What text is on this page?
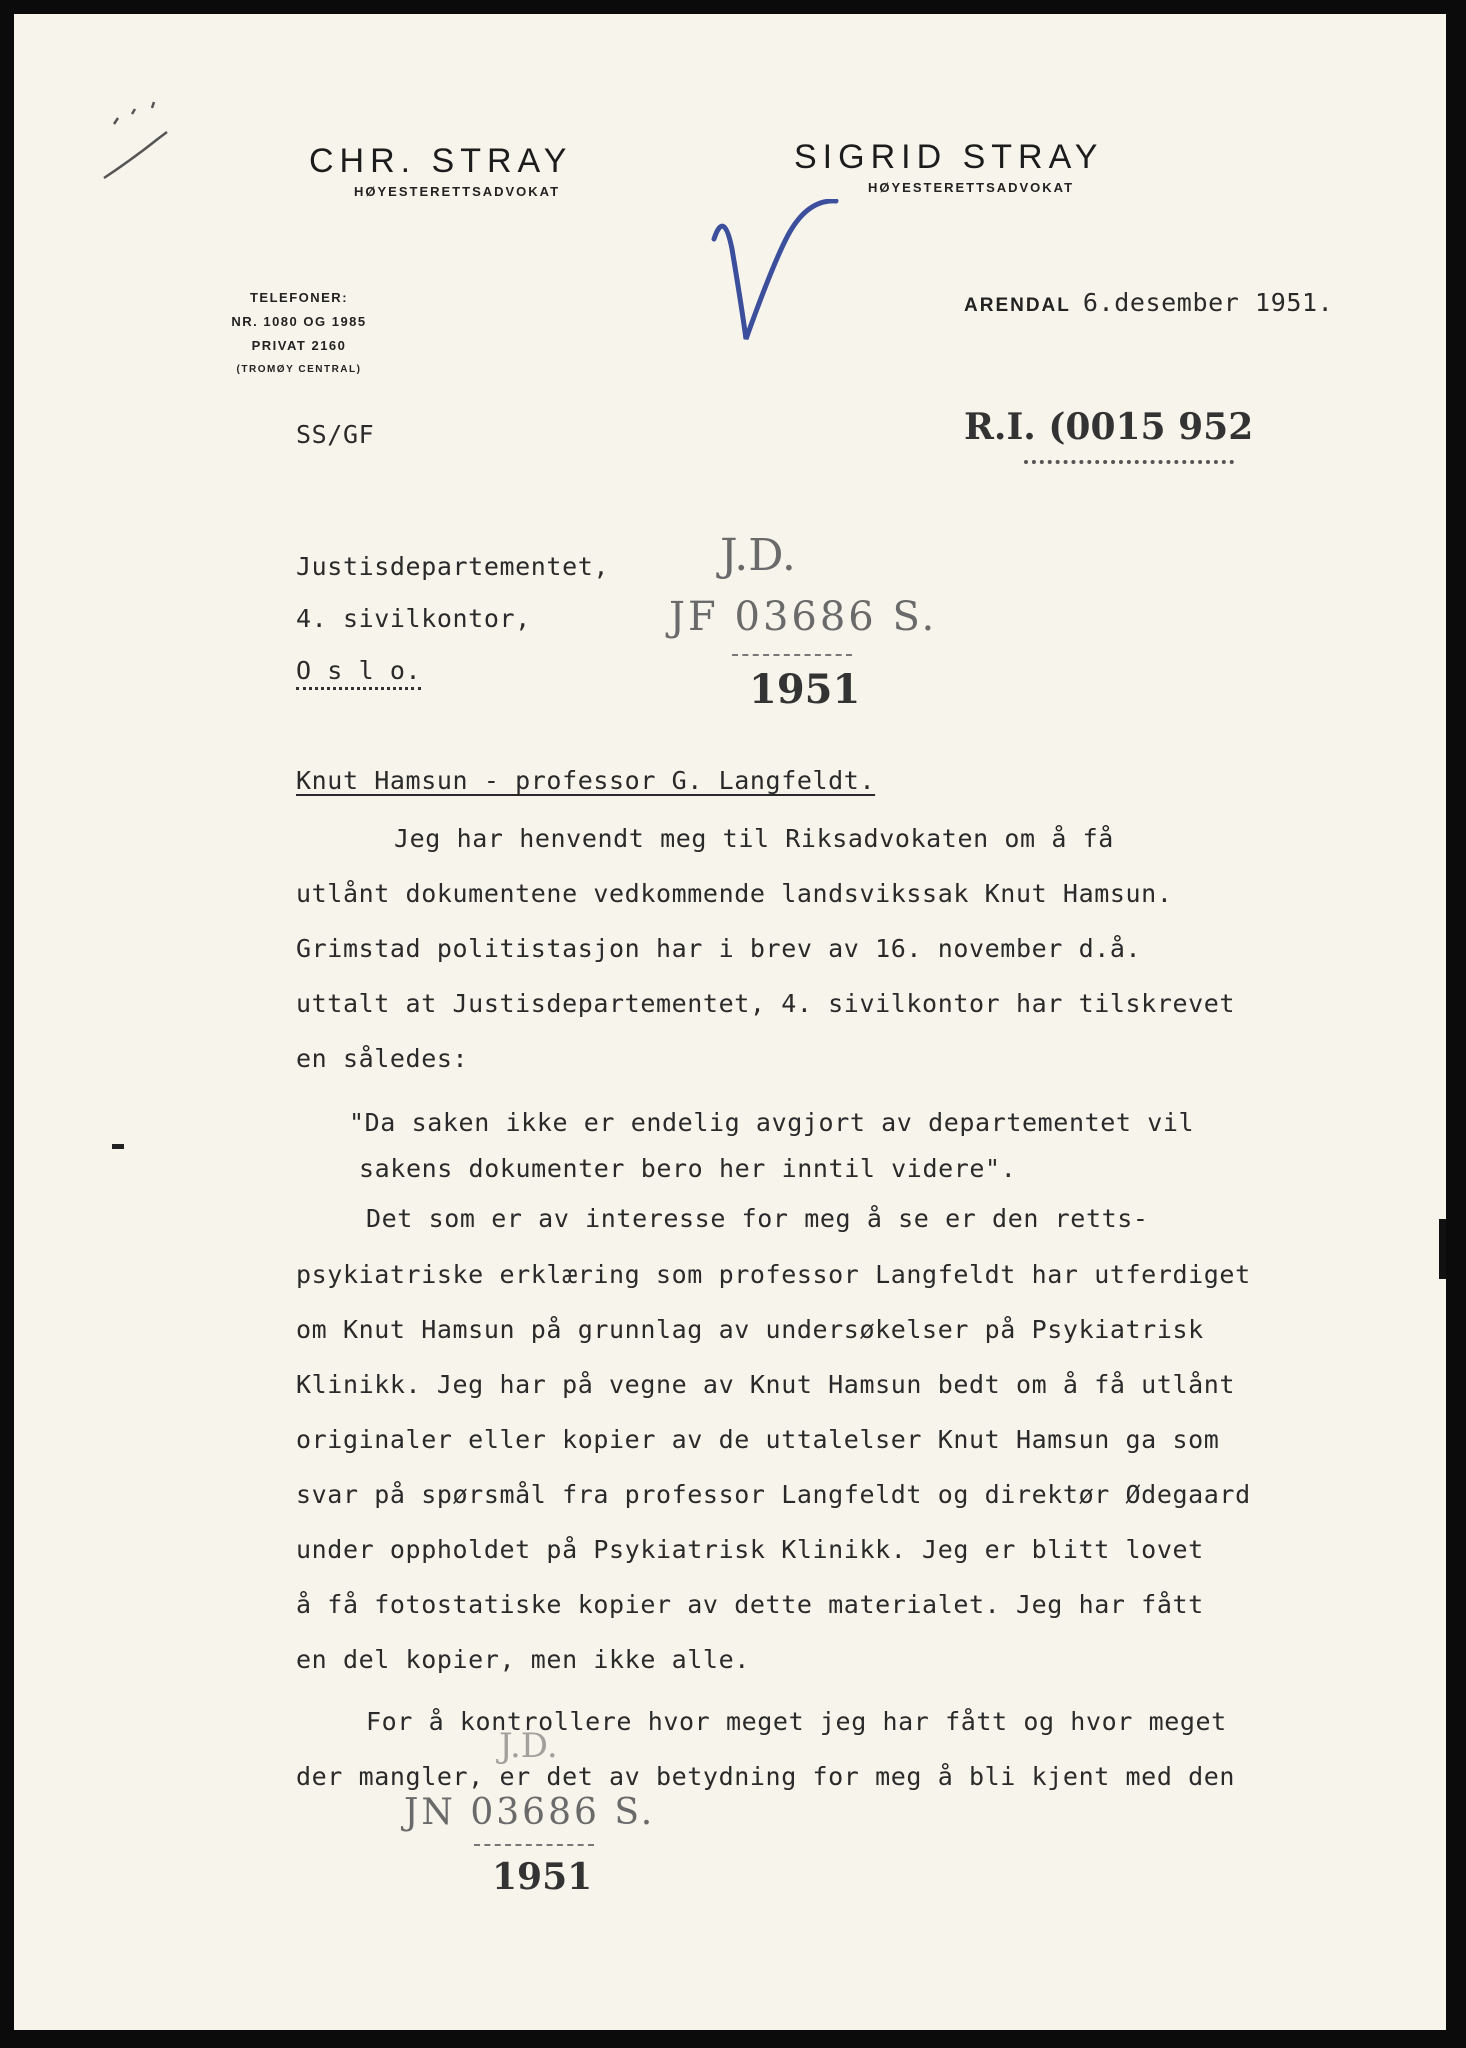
CHR. STRAY
HØYESTERETTSADVOKAT
SIGRID STRAY
HØYESTERETTSADVOKAT
TELEFONER:
NR. 1080 OG 1985
PRIVAT 2160
(TROMØY CENTRAL)
ARENDAL 6.desember 1951.
SS/GF	R.I. (0015 952
Justisdepartementet,
4. sivilkontor,
O s l o.
J.D.
JF 03686 S.
1951
Knut Hamsun - professor G. Langfeldt.
Jeg har henvendt meg til Riksadvokaten om å få
utlånt dokumentene vedkommende landsvikssak Knut Hamsun.
Grimstad politistasjon har i brev av 16. november d.å.
uttalt at Justisdepartementet, 4. sivilkontor har tilskrevet
en således:
"Da saken ikke er endelig avgjort av departementet vil
sakens dokumenter bero her inntil videre".
Det som er av interesse for meg å se er den retts-
psykiatriske erklæring som professor Langfeldt har utferdiget
om Knut Hamsun på grunnlag av undersøkelser på Psykiatrisk
Klinikk. Jeg har på vegne av Knut Hamsun bedt om å få utlånt
originaler eller kopier av de uttalelser Knut Hamsun ga som
svar på spørsmål fra professor Langfeldt og direktør Ødegaard
under oppholdet på Psykiatrisk Klinikk. Jeg er blitt lovet
å få fotostatiske kopier av dette materialet. Jeg har fått
en del kopier, men ikke alle.
For å kontrollere hvor meget jeg har fått og hvor meget
der mangler, er det av betydning for meg å bli kjent med den
J.D.
JN 03686 S.
1951
